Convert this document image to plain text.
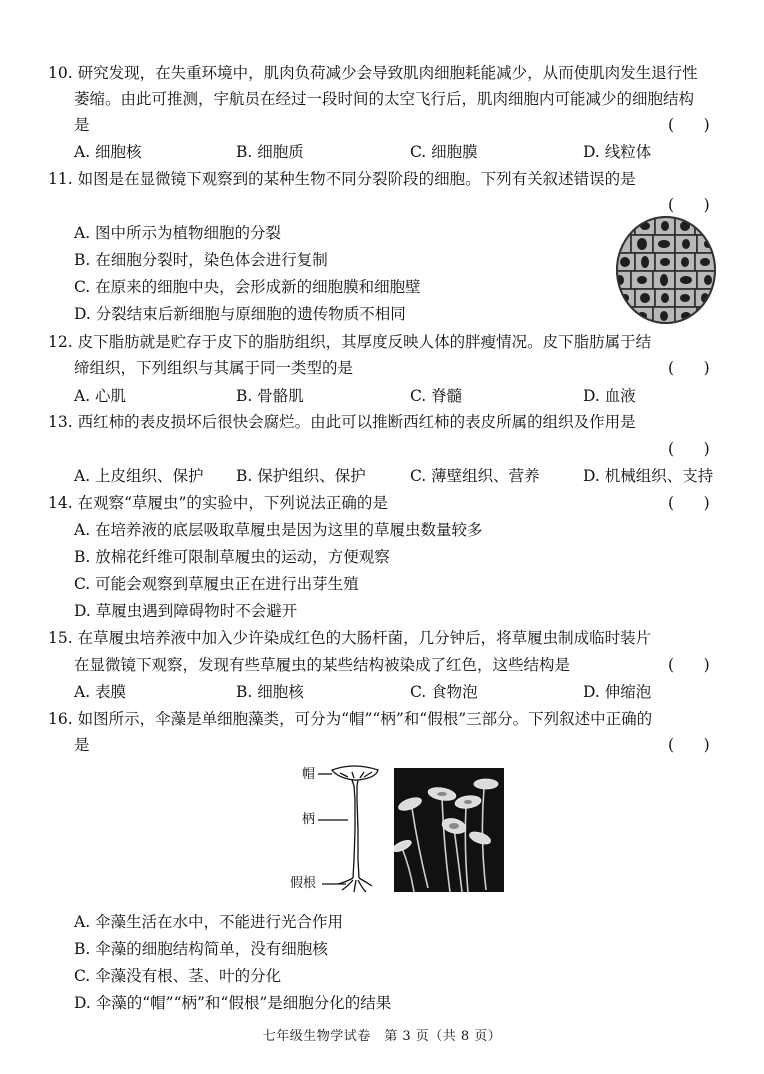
10. 研究发现，在失重环境中，肌肉负荷减少会导致肌肉细胞耗能减少，从而使肌肉发生退行性
萎缩。由此可推测，宇航员在经过一段时间的太空飞行后，肌肉细胞内可能减少的细胞结构
是	(      )
A. 细胞核	B. 细胞质	C. 细胞膜	D. 线粒体
11. 如图是在显微镜下观察到的某种生物不同分裂阶段的细胞。下列有关叙述错误的是
(      )
A. 图中所示为植物细胞的分裂
B. 在细胞分裂时，染色体会进行复制
C. 在原来的细胞中央，会形成新的细胞膜和细胞壁
D. 分裂结束后新细胞与原细胞的遗传物质不相同
12. 皮下脂肪就是贮存于皮下的脂肪组织，其厚度反映人体的胖瘦情况。皮下脂肪属于结
缔组织，下列组织与其属于同一类型的是	(      )
A. 心肌	B. 骨骼肌	C. 脊髓	D. 血液
13. 西红柿的表皮损坏后很快会腐烂。由此可以推断西红柿的表皮所属的组织及作用是
(      )
A. 上皮组织、保护 B. 保护组织、保护	C. 薄壁组织、营养	D. 机械组织、支持
14. 在观察“草履虫”的实验中，下列说法正确的是	(      )
A. 在培养液的底层吸取草履虫是因为这里的草履虫数量较多
B. 放棉花纤维可限制草履虫的运动，方便观察
C. 可能会观察到草履虫正在进行出芽生殖
D. 草履虫遇到障碍物时不会避开
15. 在草履虫培养液中加入少许染成红色的大肠杆菌，几分钟后，将草履虫制成临时装片
在显微镜下观察，发现有些草履虫的某些结构被染成了红色，这些结构是	(      )
A. 表膜	B. 细胞核	C. 食物泡	D. 伸缩泡
16. 如图所示，伞藻是单细胞藻类，可分为“帽”“柄”和“假根”三部分。下列叙述中正确的
是	(      )
帽
柄
假根
A. 伞藻生活在水中，不能进行光合作用
B. 伞藻的细胞结构简单，没有细胞核
C. 伞藻没有根、茎、叶的分化
D. 伞藻的“帽”“柄”和“假根”是细胞分化的结果
七年级生物学试卷　第 3 页（共 8 页）
